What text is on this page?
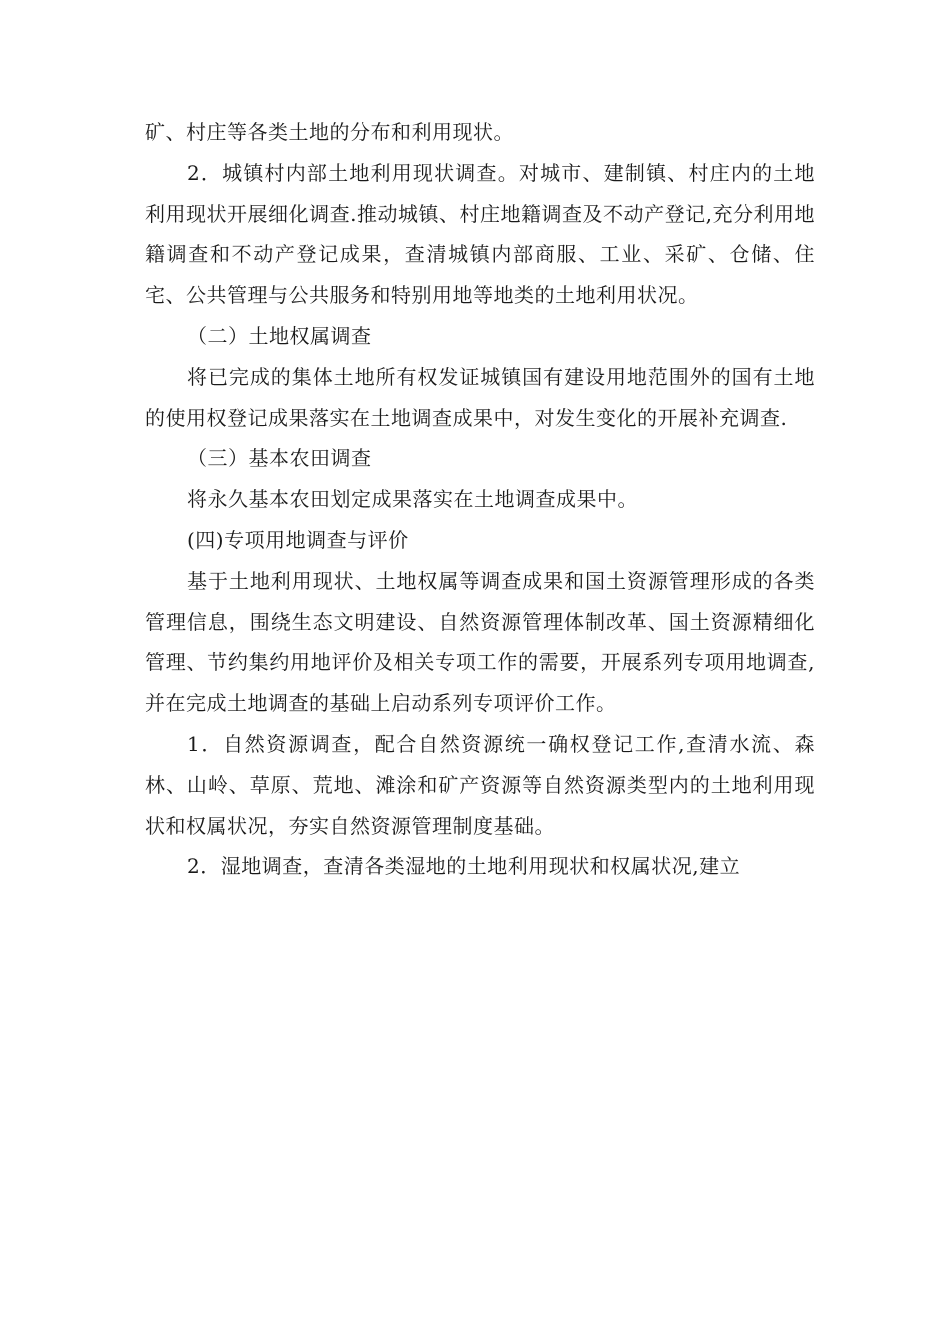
矿、村庄等各类土地的分布和利用现状。

2．城镇村内部土地利用现状调查。对城市、建制镇、村庄内的土地利用现状开展细化调查.推动城镇、村庄地籍调查及不动产登记,充分利用地籍调查和不动产登记成果，查清城镇内部商服、工业、采矿、仓储、住宅、公共管理与公共服务和特别用地等地类的土地利用状况。

（二）土地权属调查

将已完成的集体土地所有权发证城镇国有建设用地范围外的国有土地的使用权登记成果落实在土地调查成果中，对发生变化的开展补充调查.

（三）基本农田调查

将永久基本农田划定成果落实在土地调查成果中。

(四)专项用地调查与评价

基于土地利用现状、土地权属等调查成果和国土资源管理形成的各类管理信息，围绕生态文明建设、自然资源管理体制改革、国土资源精细化管理、节约集约用地评价及相关专项工作的需要，开展系列专项用地调查,并在完成土地调查的基础上启动系列专项评价工作。

1．自然资源调查，配合自然资源统一确权登记工作,查清水流、森林、山岭、草原、荒地、滩涂和矿产资源等自然资源类型内的土地利用现状和权属状况，夯实自然资源管理制度基础。

2．湿地调查，查清各类湿地的土地利用现状和权属状况,建立
